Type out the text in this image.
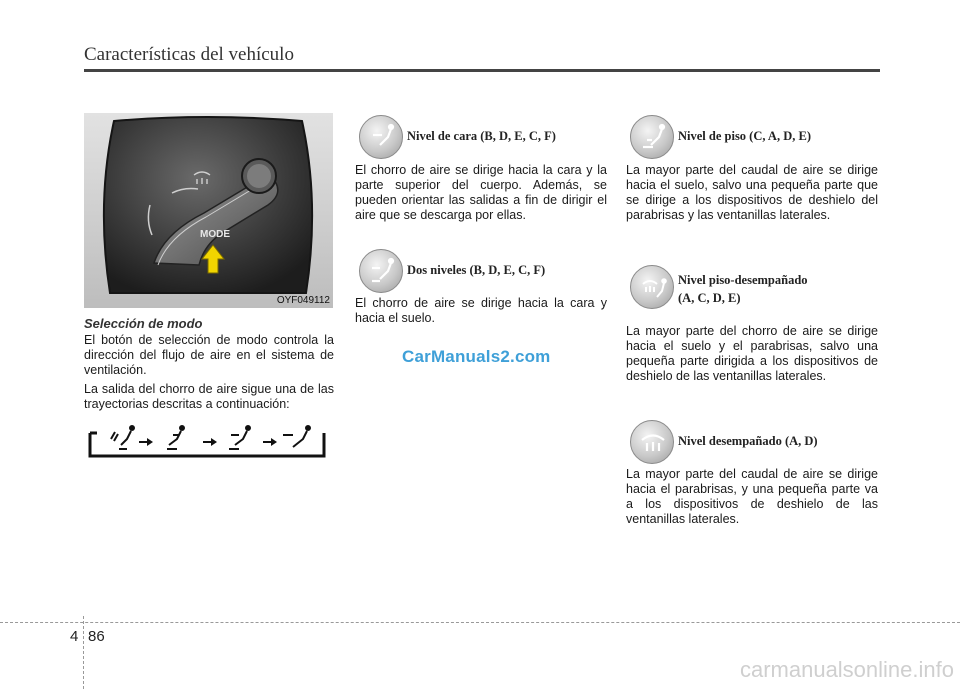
Características del vehículo
MODE
OYF049112
Selección de modo
El botón de selección de modo controla la dirección del flujo de aire en el sistema de ventilación.
La salida del chorro de aire sigue una de las trayectorias descritas a continuación:
Nivel de cara (B, D, E, C, F)
El chorro de aire se dirige hacia la cara y la parte superior del cuerpo. Además, se pueden orientar las salidas a fin de dirigir el aire que se descarga por ellas.
Dos niveles (B, D, E, C, F)
El chorro de aire se dirige hacia la cara y hacia el suelo.
CarManuals2.com
Nivel de piso (C, A, D, E)
La mayor parte del caudal de aire se dirige hacia el suelo, salvo una pequeña parte que se dirige a los dispositivos de deshielo del parabrisas y las ventanillas laterales.
Nivel piso-desempañado
(A, C, D, E)
La mayor parte del chorro de aire se dirige hacia el suelo y el parabrisas, salvo una pequeña parte dirigida a los dispositivos de deshielo de las ventanillas laterales.
Nivel desempañado (A, D)
La mayor parte del caudal de aire se dirige hacia el parabrisas, y una pequeña parte va a los dispositivos de deshielo de las ventanillas laterales.
4 86
carmanualsonline.info
